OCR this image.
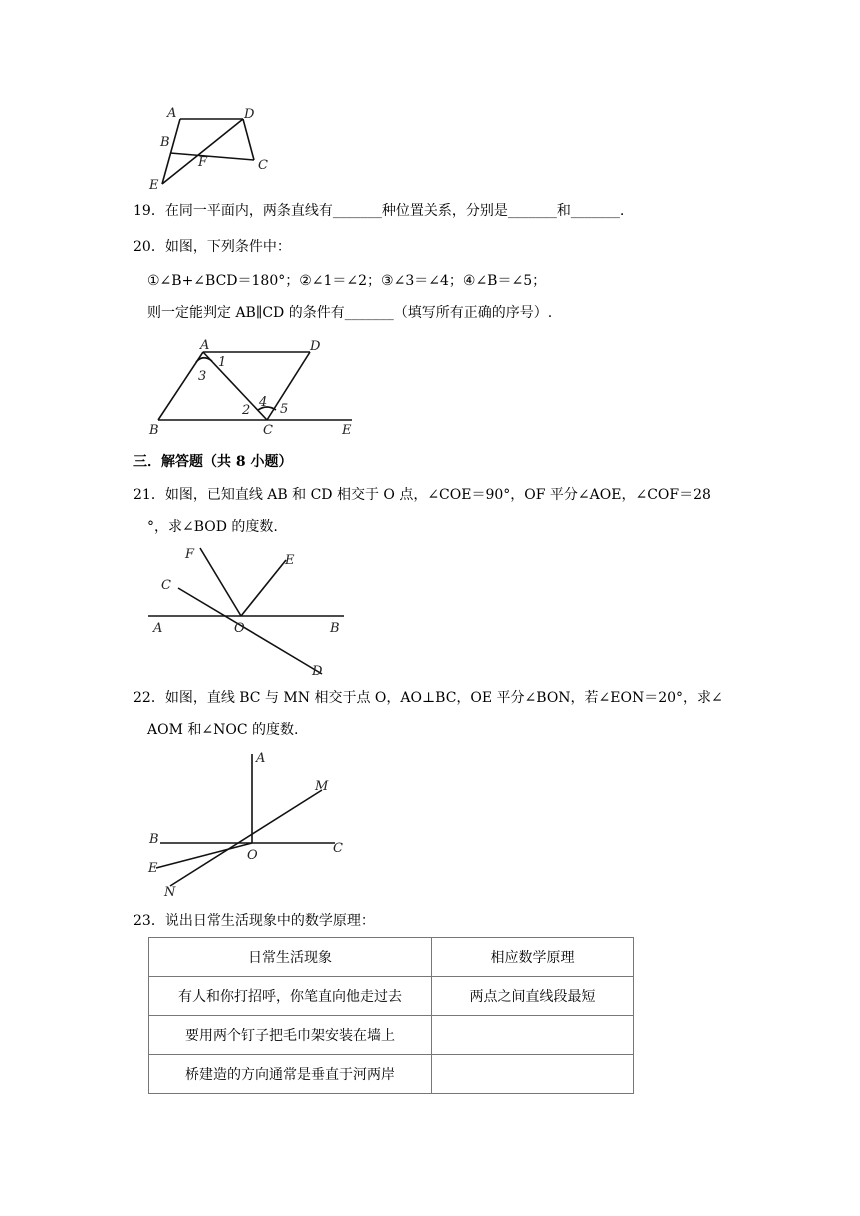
A	D
B
F	C
E
19．在同一平面内，两条直线有_______种位置关系，分别是_______和_______.
20．如图，下列条件中：
①∠B+∠BCD＝180°；②∠1＝∠2；③∠3＝∠4；④∠B＝∠5；
则一定能判定 AB∥CD 的条件有_______（填写所有正确的序号）.
A
1
3
D
2
4 5
B	C	E
三．解答题（共 8 小题）
21．如图，已知直线 AB 和 CD 相交于 O 点，∠COE＝90°，OF 平分∠AOE，∠COF＝28
°，求∠BOD 的度数.
F	E
C
A	O	B
D
22．如图，直线 BC 与 MN 相交于点 O，AO⊥BC，OE 平分∠BON，若∠EON＝20°，求∠
AOM 和∠NOC 的度数.
A
M
B
C
E
O
N
23．说出日常生活现象中的数学原理：
日常生活现象	相应数学原理
有人和你打招呼，你笔直向他走过去	两点之间直线段最短
要用两个钉子把毛巾架安装在墙上	
桥建造的方向通常是垂直于河两岸	
